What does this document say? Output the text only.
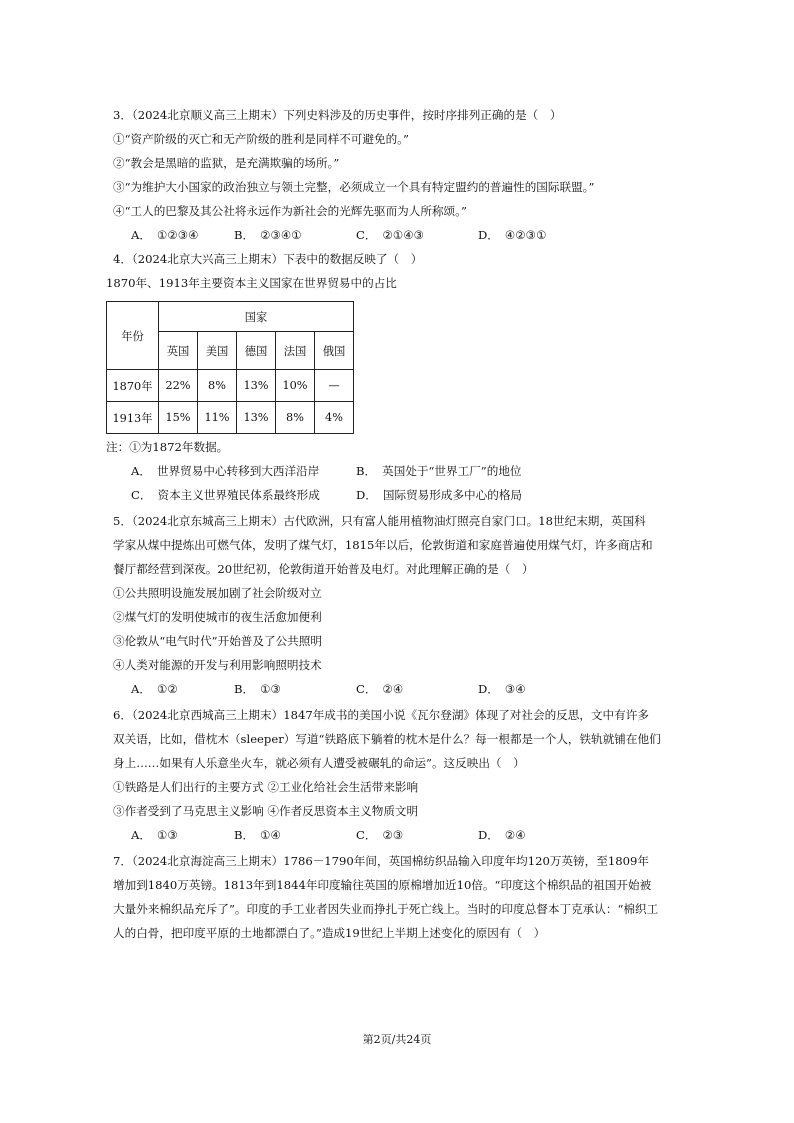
3．（2024北京顺义高三上期末）下列史料涉及的历史事件，按时序排列正确的是（　）
①“资产阶级的灭亡和无产阶级的胜利是同样不可避免的。”
②“教会是黑暗的监狱，是充满欺骗的场所。”
③“为维护大小国家的政治独立与领土完整，必须成立一个具有特定盟约的普遍性的国际联盟。”
④“工人的巴黎及其公社将永远作为新社会的光辉先驱而为人所称颂。”
A． ①②③④	B． ②③④①	C． ②①④③	D． ④②③①
4．（2024北京大兴高三上期末）下表中的数据反映了（　）
1870年、1913年主要资本主义国家在世界贸易中的占比
年份	国家				
	英国	美国	德国	法国	俄国
1870年	22%	8%	13%	10%	—
1913年	15%	11%	13%	8%	4%
注：①为1872年数据。
A． 世界贸易中心转移到大西洋沿岸	B． 英国处于“世界工厂”的地位
C． 资本主义世界殖民体系最终形成	D． 国际贸易形成多中心的格局
5．（2024北京东城高三上期末）古代欧洲，只有富人能用植物油灯照亮自家门口。18世纪末期，英国科
学家从煤中提炼出可燃气体，发明了煤气灯，1815年以后，伦敦街道和家庭普遍使用煤气灯，许多商店和
餐厅都经营到深夜。20世纪初，伦敦街道开始普及电灯。对此理解正确的是（　）
①公共照明设施发展加剧了社会阶级对立
②煤气灯的发明使城市的夜生活愈加便利
③伦敦从“电气时代”开始普及了公共照明
④人类对能源的开发与利用影响照明技术
A． ①②	B． ①③	C． ②④	D． ③④
6．（2024北京西城高三上期末）1847年成书的美国小说《瓦尔登湖》体现了对社会的反思，文中有许多
双关语，比如，借枕木（sleeper）写道“铁路底下躺着的枕木是什么？每一根都是一个人，铁轨就铺在他们
身上……如果有人乐意坐火车，就必须有人遭受被碾轧的命运”。这反映出（　）
①铁路是人们出行的主要方式 ②工业化给社会生活带来影响
③作者受到了马克思主义影响 ④作者反思资本主义物质文明
A． ①③	B． ①④	C． ②③	D． ②④
7．（2024北京海淀高三上期末）1786－1790年间，英国棉纺织品输入印度年均120万英镑，至1809年
增加到1840万英镑。1813年到1844年印度输往英国的原棉增加近10倍。“印度这个棉织品的祖国开始被
大量外来棉织品充斥了”。印度的手工业者因失业而挣扎于死亡线上。当时的印度总督本丁克承认：“棉织工
人的白骨，把印度平原的土地都漂白了。”造成19世纪上半期上述变化的原因有（　）
第2页/共24页
